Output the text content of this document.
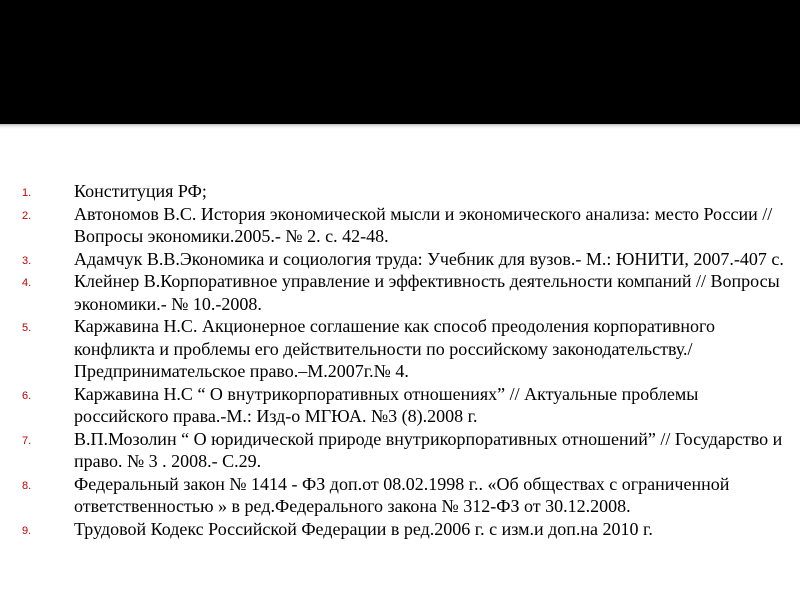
1.	Конституция РФ;
2.	Автономов В.С. История экономической мысли и экономического анализа: место России // Вопросы экономики.2005.- № 2. с. 42-48.
3.	Адамчук В.В.Экономика и социология труда: Учебник для вузов.- М.: ЮНИТИ, 2007.-407 с.
4.	Клейнер В.Корпоративное управление и эффективность деятельности компаний // Вопросы экономики.- № 10.-2008.
5.	Каржавина Н.С. Акционерное соглашение как способ преодоления корпоративного конфликта и проблемы его действительности по российскому законодательству./ Предпринимательское право.–М.2007г.№ 4.
6.	Каржавина Н.С “ О внутрикорпоративных отношениях” // Актуальные проблемы российского права.-М.: Изд-о МГЮА. №3 (8).2008 г.
7.	В.П.Мозолин “ О юридической природе внутрикорпоративных отношений” // Государство и право. № 3 . 2008.- С.29.
8.	Федеральный закон № 1414 - ФЗ доп.от 08.02.1998 г.. «Об обществах с ограниченной ответственностью » в ред.Федерального закона № 312-ФЗ от 30.12.2008.
9.	Трудовой Кодекс Российской Федерации в ред.2006 г. с изм.и доп.на 2010 г.
